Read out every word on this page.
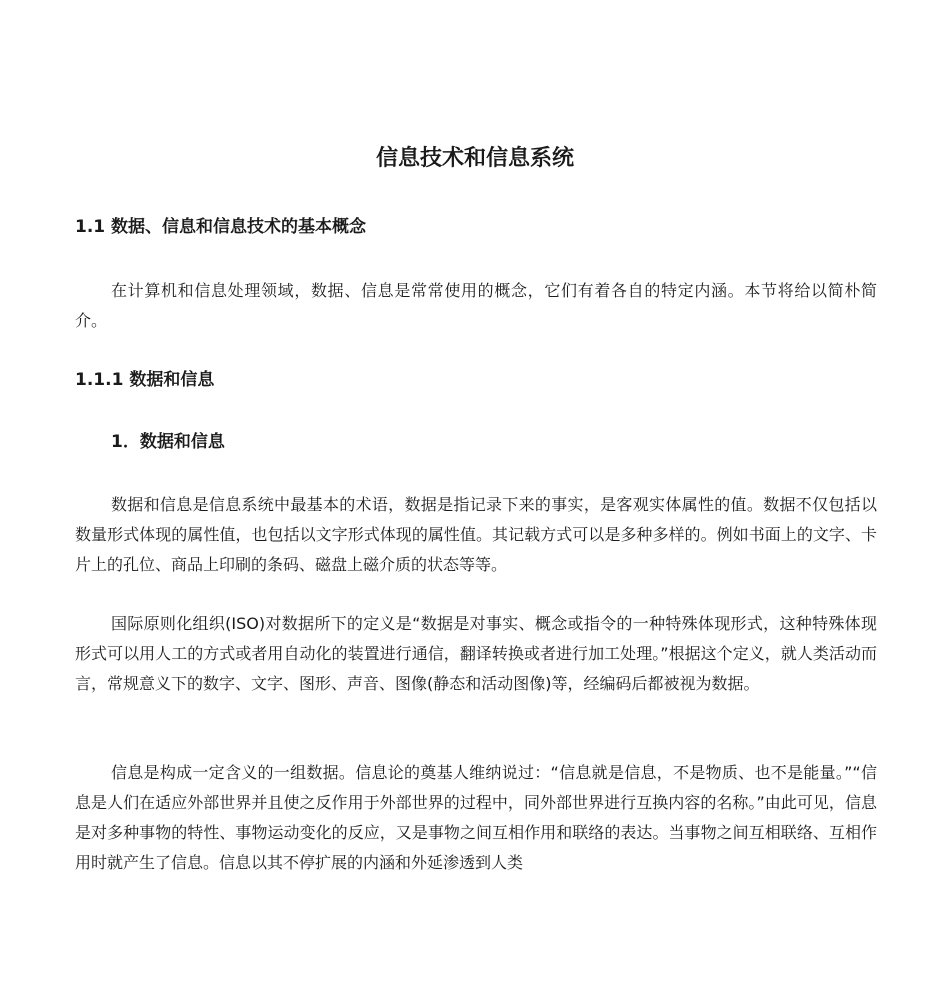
信息技术和信息系统
1.1 数据、信息和信息技术的基本概念

在计算机和信息处理领域，数据、信息是常常使用的概念，它们有着各自的特定内涵。本节将给以简朴简介。

1.1.1 数据和信息
1．数据和信息

数据和信息是信息系统中最基本的术语，数据是指记录下来的事实，是客观实体属性的值。数据不仅包括以数量形式体现的属性值，也包括以文字形式体现的属性值。其记载方式可以是多种多样的。例如书面上的文字、卡片上的孔位、商品上印刷的条码、磁盘上磁介质的状态等等。

国际原则化组织(ISO)对数据所下的定义是“数据是对事实、概念或指令的一种特殊体现形式，这种特殊体现形式可以用人工的方式或者用自动化的装置进行通信，翻译转换或者进行加工处理。”根据这个定义，就人类活动而言，常规意义下的数字、文字、图形、声音、图像(静态和活动图像)等，经编码后都被视为数据。

信息是构成一定含义的一组数据。信息论的奠基人维纳说过：“信息就是信息，不是物质、也不是能量。”“信息是人们在适应外部世界并且使之反作用于外部世界的过程中，同外部世界进行互换内容的名称。”由此可见，信息是对多种事物的特性、事物运动变化的反应，又是事物之间互相作用和联络的表达。当事物之间互相联络、互相作用时就产生了信息。信息以其不停扩展的内涵和外延渗透到人类
